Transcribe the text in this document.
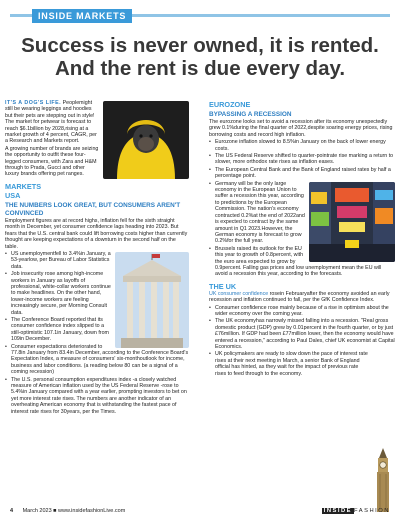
INSIDE MARKETS
Success is never owned, it is rented.
And the rent is due every day.

IT'S A DOG'S LIFE. Peoplemight still be wearing leggings and hoodies but their pets are stepping out in style! The market for petwear is forecast to reach $6.1billion by 2028,rising at a market growth of 4 percent, CAGR, per a Research and Markets report.

A growing number of brands are seizing the opportunity to outfit these four-legged consumers, with Zara and H&M through to Prada, Gucci and other luxury brands offering pet ranges.

MARKETS
USA
THE NUMBERS LOOK GREAT, BUT CONSUMERS AREN'T CONVINCED

Employment figures are at record highs, inflation fell for the sixth straight month in December, yet consumer confidence lags heading into 2023. But fears that the U.S. central bank could lift borrowing costs higher than currently thought are keeping expectations of a downturn in the second half on the table.

• US unemploymentfell to 3.4%in January, a 53-yearlow, per Bureau of Labor Statistics data.
• Job insecurity rose among high-income workers in January as layoffs of professional, white-collar workers continue to make headlines. On the other hand, lower-income workers are feeling increasingly secure, per Morning Consult data.
• The Conference Board reported that its consumer confidence index slipped to a still-optimistic 107.1in January, down from 109in December.
• Consumer expectations deteriorated to 77.8in January from 83.4in December, according to the Conference Board's Expectation Index, a measure of consumers' six-monthoutlook for income, business and labor conditions. (a reading below 80 can be a signal of a coming recession)
• The U.S. personal consumption expenditures index -a closely watched measure of American inflation used by the US Federal Reserve -rose to 5.4%in January compared with a year earlier, prompting investors to bet on yet more interest rate rises. The numbers are another indicator of an overheating American economy that is withstanding the fastest pace of interest rate rises for 30years, per the Times.
EUROZONE
BYPASSING A RECESSION

The eurozone looks set to avoid a recession after its economy unexpectedly grew 0.1%during the final quarter of 2022,despite soaring energy prices, rising borrowing costs and record high inflation.

• Eurozone inflation slowed to 8.5%in January on the back of lower energy costs.
• The US Federal Reserve shifted to quarter-pointrate rise marking a return to slower, more orthodox rate rises as inflation eases.
• The European Central Bank and the Bank of England raised rates by half a percentage point.
• Germany will be the only large economy in the European Union to suffer a recession this year, according to predictions by the European Commission. The nation's economy contracted 0.2%at the end of 2022and is expected to contract by the same amount in Q1 2023.However, the German economy is forecast to grow 0.2%for the full year.
• Brussels raised its outlook for the EU this year to growth of 0.8percent, with the euro area expected to grow by 0.9percent. Falling gas prices and low unemployment mean the EU will avoid a recession this year, according to the forecasts.
THE UK

UK consumer confidence rosein Februaryafter the economy avoided an early recession and inflation continued to fall, per the GfK Confidence Index.

• Consumer confidence rose mainly because of a rise in optimism about the wider economy over the coming year.
• The UK economyhas narrowly missed falling into a recession. "Real gross domestic product (GDP) grew by 0.01percent in the fourth quarter, or by just £76million. If GDP had been £77million lower, then the economy would have entered a recession," according to Paul Dales, chief UK economist at Capital Economics.
• UK policymakers are ready to slow down the pace of interest rate rises at their next meeting in March, a senior Bank of England official has hinted, as they wait for the impact of previous rate rises to feed through to the economy.
4 March 2023 ■ www.insidefashionLive.com	INSIDE FASHION
